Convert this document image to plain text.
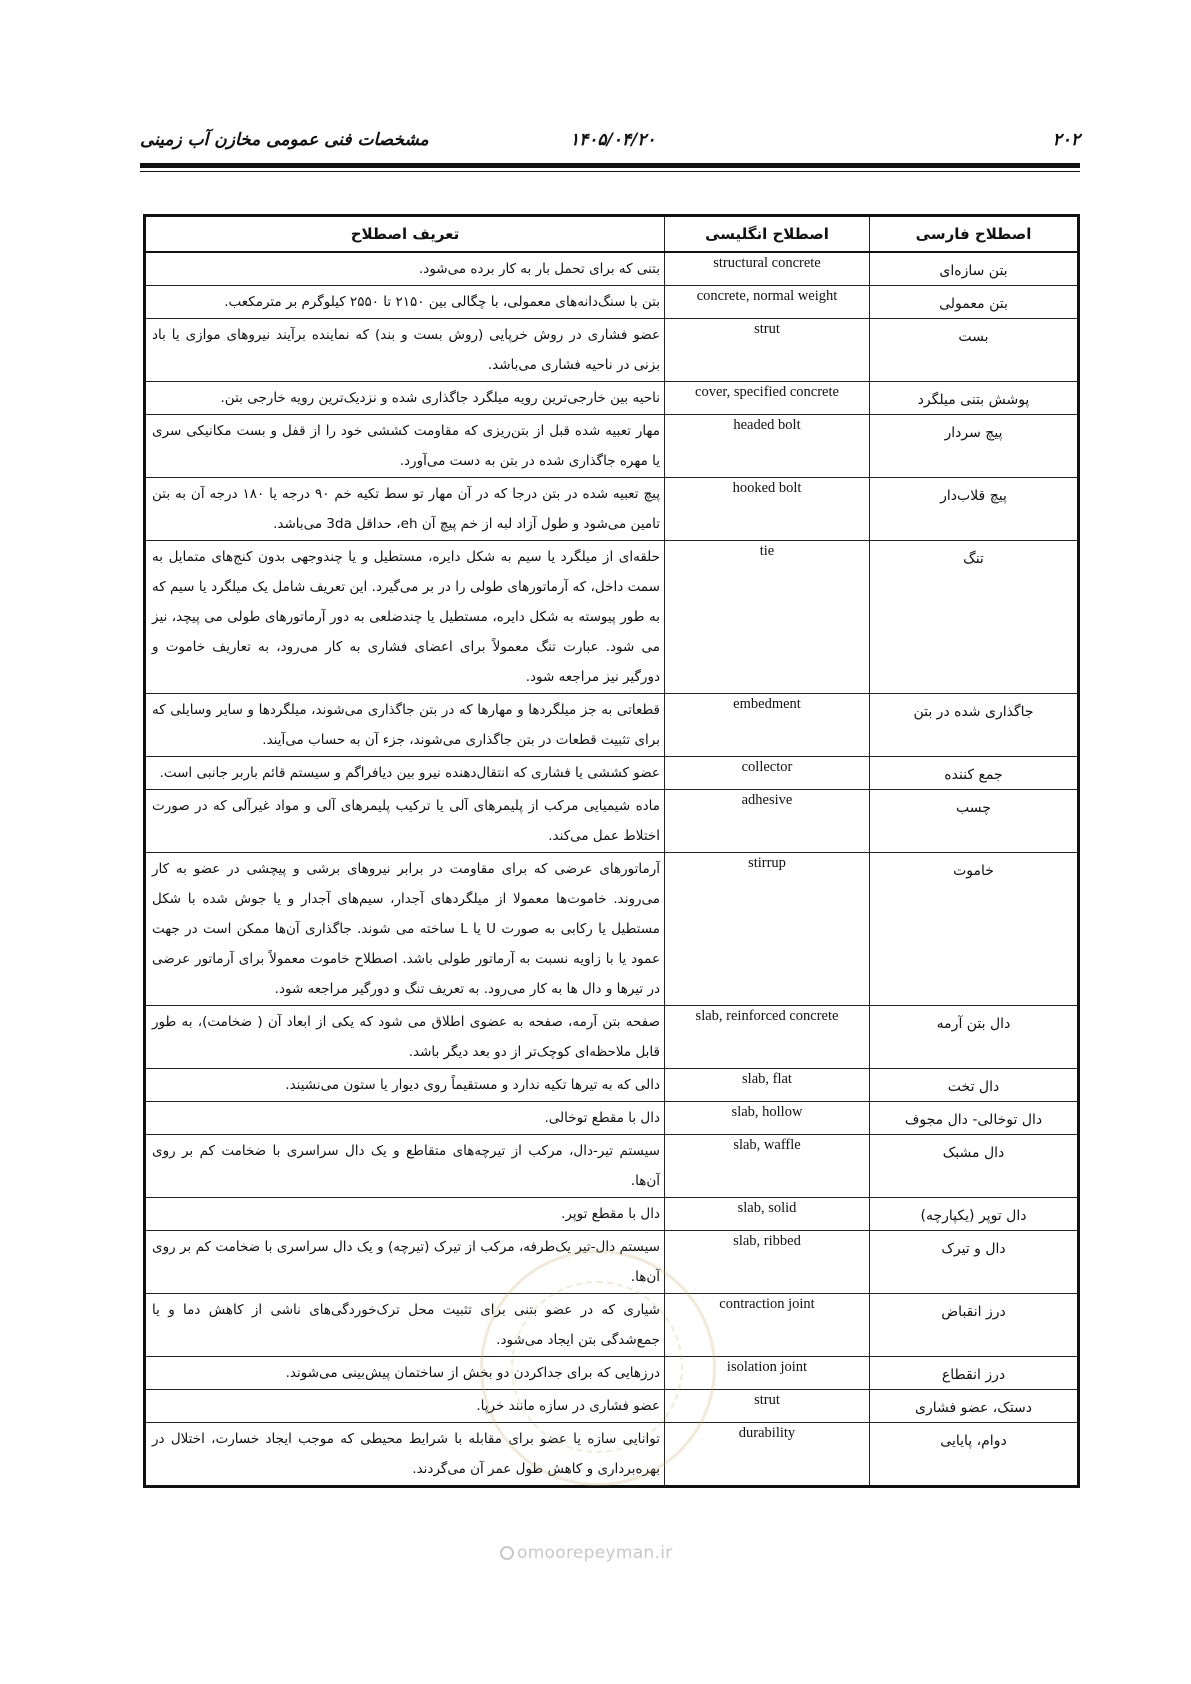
۲۰۲
۱۴۰۵/۰۴/۲۰
مشخصات فنی عمومی مخازن آب زمینی
تعریف اصطلاح	اصطلاح انگلیسی	اصطلاح فارسی
بتنی که برای تحمل بار به کار برده می‌شود.	structural concrete	بتن سازه‌ای
بتن با سنگ‌دانه‌های معمولی، با چگالی بین ۲۱۵۰ تا ۲۵۵۰ کیلوگرم بر مترمکعب.	concrete, normal weight	بتن معمولی
عضو فشاری در روش خرپایی (روش بست و بند) که نماینده برآیند نیروهای موازی یا باد بزنی در ناحیه فشاری می‌باشد.	strut	بست
ناحیه بین خارجی‌ترین رویه میلگرد جاگذاری شده و نزدیک‌ترین رویه خارجی بتن.	cover, specified concrete	پوشش بتنی میلگرد
مهار تعبیه شده قبل از بتن‌ریزی که مقاومت کششی خود را از قفل و بست مکانیکی سری یا مهره جاگذاری شده در بتن به دست می‌آورد.	headed bolt	پیچ سردار
پیچ تعبیه شده در بتن درجا که در آن مهار تو سط تکیه خم ۹۰ درجه یا ۱۸۰ درجه آن به بتن تامین می‌شود و طول آزاد لبه از خم پیچ آن eh، حداقل 3da می‌باشد.	hooked bolt	پیچ قلاب‌دار
حلقه‌ای از میلگرد یا سیم به شکل دایره، مستطیل و یا چندوجهی بدون کنج‌های متمایل به سمت داخل، که آرماتورهای طولی را در بر می‌گیرد. این تعریف شامل یک میلگرد یا سیم که به طور پیوسته به شکل دایره، مستطیل یا چندضلعی به دور آرماتورهای طولی می پیچد، نیز می شود. عبارت تنگ معمولاً برای اعضای فشاری به کار می‌رود، به تعاریف خاموت و دورگیر نیز مراجعه شود.	tie	تنگ
قطعاتی به جز میلگردها و مهارها که در بتن جاگذاری می‌شوند، میلگردها و سایر وسایلی که برای تثبیت قطعات در بتن جاگذاری می‌شوند، جزء آن به حساب می‌آیند.	embedment	جاگذاری شده در بتن
عضو کششی یا فشاری که انتقال‌دهنده نیرو بین دیافراگم و سیستم قائم باربر جانبی است.	collector	جمع کننده
ماده شیمیایی مرکب از پلیمرهای آلی یا ترکیب پلیمرهای آلی و مواد غیرآلی که در صورت اختلاط عمل می‌کند.	adhesive	چسب
آرماتورهای عرضی که برای مقاومت در برابر نیروهای برشی و پیچشی در عضو به کار می‌روند. خاموت‌ها معمولا از میلگردهای آجدار، سیم‌های آجدار و یا جوش شده با شکل مستطیل یا رکابی به صورت U یا L ساخته می شوند. جاگذاری آن‌ها ممکن است در جهت عمود یا با زاویه نسبت به آرماتور طولی باشد. اصطلاح خاموت معمولاً برای آرماتور عرضی در تیرها و دال ها به کار می‌رود. به تعریف تنگ و دورگیر مراجعه شود.	stirrup	خاموت
صفحه بتن آرمه، صفحه به عضوی اطلاق می شود که یکی از ابعاد آن ( ضخامت)، به طور قابل ملاحظه‌ای کوچک‌تر از دو بعد دیگر باشد.	slab, reinforced concrete	دال بتن آرمه
دالی که به تیرها تکیه ندارد و مستقیماً روی دیوار یا ستون می‌نشیند.	slab, flat	دال تخت
دال با مقطع توخالی.	slab, hollow	دال توخالی- دال مجوف
سیستم تیر-دال، مرکب از تیرچه‌های متقاطع و یک دال سراسری با ضخامت کم بر روی آن‌ها.	slab, waffle	دال مشبک
دال با مقطع توپر.	slab, solid	دال توپر (یکپارچه)
سیستم دال-تیر یک‌طرفه، مرکب از تیرک (تیرچه) و یک دال سراسری با ضخامت کم بر روی آن‌ها.	slab, ribbed	دال و تیرک
شیاری که در عضو بتنی برای تثبیت محل ترک‌خوردگی‌های ناشی از کاهش دما و یا جمع‌شدگی بتن ایجاد می‌شود.	contraction joint	درز انقباض
درزهایی که برای جداکردن دو بخش از ساختمان پیش‌بینی می‌شوند.	isolation joint	درز انقطاع
عضو فشاری در سازه مانند خرپا.	strut	دستک، عضو فشاری
توانایی سازه یا عضو برای مقابله با شرایط محیطی که موجب ایجاد خسارت، اختلال در بهره‌برداری و کاهش طول عمر آن می‌گردند.	durability	دوام، پایایی
omoorepeyman.ir
